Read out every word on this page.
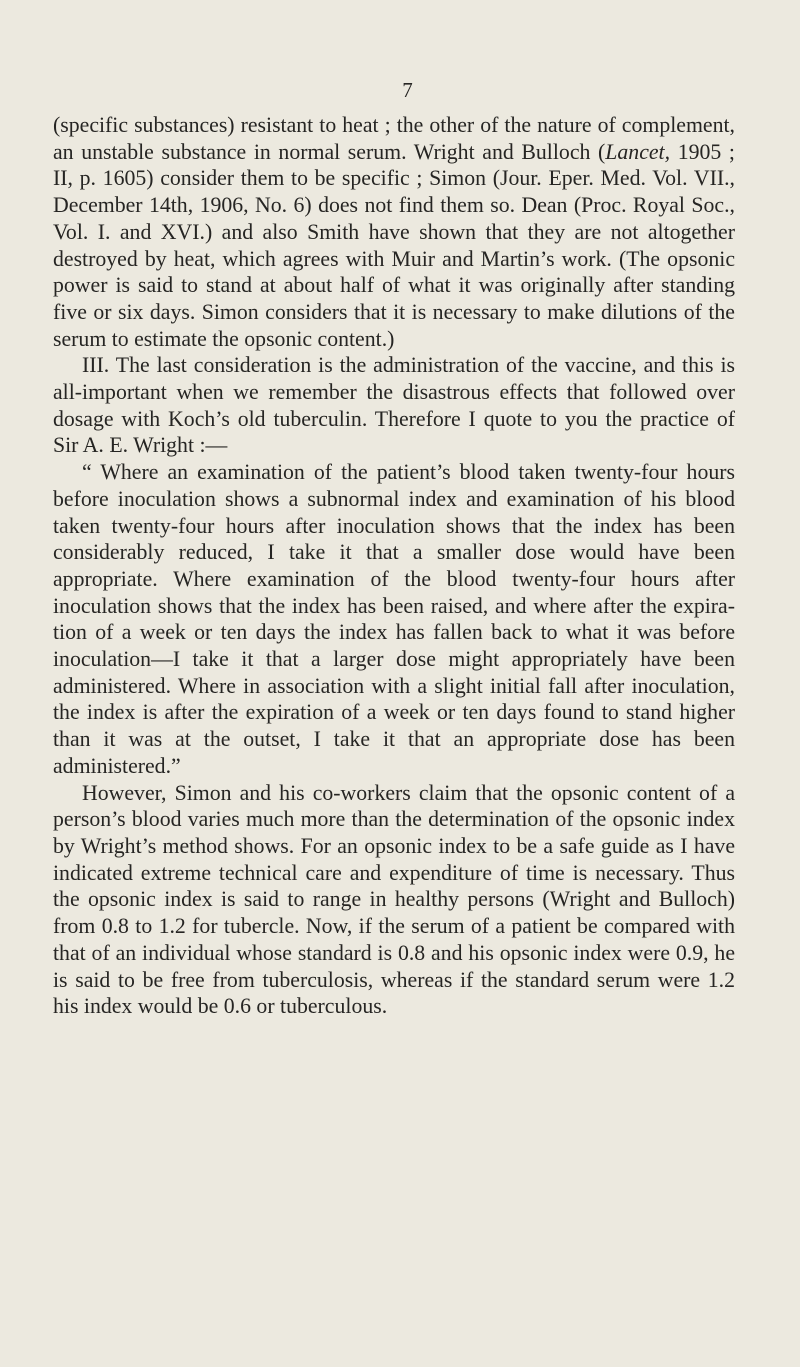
7

(specific substances) resistant to heat ; the other of the nature of complement, an unstable substance in normal serum. Wright and Bulloch (Lancet, 1905 ; II, p. 1605) consider them to be specific ; Simon (Jour. Eper. Med. Vol. VII., December 14th, 1906, No. 6) does not find them so. Dean (Proc. Royal Soc., Vol. I. and XVI.) and also Smith have shown that they are not altogether destroyed by heat, which agrees with Muir and Martin’s work. (The opsonic power is said to stand at about half of what it was originally after standing five or six days. Simon considers that it is necessary to make dilutions of the serum to estimate the opsonic content.)

III. The last consideration is the administration of the vaccine, and this is all-important when we remember the disastrous effects that followed over dosage with Koch’s old tuberculin. Therefore I quote to you the practice of Sir A. E. Wright :—

“ Where an examination of the patient’s blood taken twenty-four hours before inoculation shows a subnormal index and examination of his blood taken twenty-four hours after inoculation shows that the index has been considerably reduced, I take it that a smaller dose would have been appropriate. Where examination of the blood twenty-four hours after inoculation shows that the index has been raised, and where after the expira-tion of a week or ten days the index has fallen back to what it was before inoculation—I take it that a larger dose might appropriately have been administered. Where in association with a slight initial fall after inoculation, the index is after the expiration of a week or ten days found to stand higher than it was at the outset, I take it that an appropriate dose has been administered.”

However, Simon and his co-workers claim that the opsonic content of a person’s blood varies much more than the determination of the opsonic index by Wright’s method shows. For an opsonic index to be a safe guide as I have indicated extreme technical care and expenditure of time is necessary. Thus the opsonic index is said to range in healthy persons (Wright and Bulloch) from 0.8 to 1.2 for tubercle. Now, if the serum of a patient be compared with that of an individual whose standard is 0.8 and his opsonic index were 0.9, he is said to be free from tuberculosis, whereas if the standard serum were 1.2 his index would be 0.6 or tuberculous.
